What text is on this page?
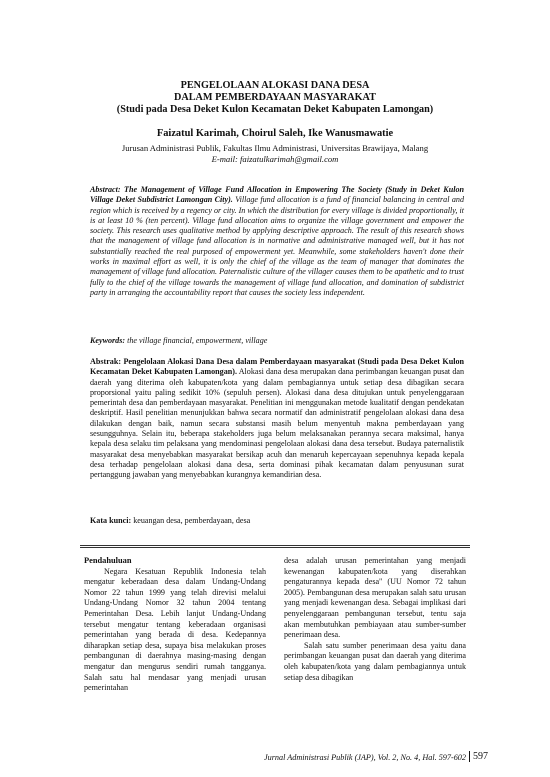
PENGELOLAAN ALOKASI DANA DESA
DALAM PEMBERDAYAAN MASYARAKAT
(Studi pada Desa Deket Kulon Kecamatan Deket Kabupaten Lamongan)
Faizatul Karimah, Choirul Saleh, Ike Wanusmawatie
Jurusan Administrasi Publik, Fakultas Ilmu Administrasi, Universitas Brawijaya, Malang
E-mail: faizatulkarimah@gmail.com
Abstract: The Management of Village Fund Allocation in Empowering The Society (Study in Deket Kulon Village Deket Subdistrict Lamongan City). Village fund allocation is a fund of financial balancing in central and region which is received by a regency or city. In which the distribution for every village is divided proportionally, it is at least 10 % (ten percent). Village fund allocation aims to organize the village government and empower the society. This research uses qualitative method by applying descriptive approach. The result of this research shows that the management of village fund allocation is in normative and administrative managed well, but it has not substantially reached the real purposed of empowerment yet. Meanwhile, some stakeholders haven't done their works in maximal effort as well, it is only the chief of the village as the team of manager that dominates the management of village fund allocation. Paternalistic culture of the villager causes them to be apathetic and to trust fully to the chief of the village towards the management of village fund allocation, and domination of subdistrict party in arranging the accountability report that causes the society less independent.
Keywords: the village financial, empowerment, village
Abstrak: Pengelolaan Alokasi Dana Desa dalam Pemberdayaan masyarakat (Studi pada Desa Deket Kulon Kecamatan Deket Kabupaten Lamongan). Alokasi dana desa merupakan dana perimbangan keuangan pusat dan daerah yang diterima oleh kabupaten/kota yang dalam pembagiannya untuk setiap desa dibagikan secara proporsional yaitu paling sedikit 10% (sepuluh persen). Alokasi dana desa ditujukan untuk penyelenggaraan pemerintah desa dan pemberdayaan masyarakat. Penelitian ini menggunakan metode kualitatif dengan pendekatan deskriptif. Hasil penelitian menunjukkan bahwa secara normatif dan administratif pengelolaan alokasi dana desa dilakukan dengan baik, namun secara substansi masih belum menyentuh makna pemberdayaan yang sesungguhnya. Selain itu, beberapa stakeholders juga belum melaksanakan perannya secara maksimal, hanya kepala desa selaku tim pelaksana yang mendominasi pengelolaan alokasi dana desa tersebut. Budaya paternalistik masyarakat desa menyebabkan masyarakat bersikap acuh dan menaruh kepercayaan sepenuhnya kepada kepala desa terhadap pengelolaan alokasi dana desa, serta dominasi pihak kecamatan dalam penyusunan surat pertanggung jawaban yang menyebabkan kurangnya kemandirian desa.
Kata kunci: keuangan desa, pemberdayaan, desa
Pendahuluan

Negara Kesatuan Republik Indonesia telah mengatur keberadaan desa dalam Undang-Undang Nomor 22 tahun 1999 yang telah direvisi melalui Undang-Undang Nomor 32 tahun 2004 tentang Pemerintahan Desa. Lebih lanjut Undang-Undang tersebut mengatur tentang keberadaan organisasi pemerintahan yang berada di desa. Kedepannya diharapkan setiap desa, supaya bisa melakukan proses pembangunan di daerahnya masing-masing dengan mengatur dan mengurus sendiri rumah tangganya. Salah satu hal mendasar yang menjadi urusan pemerintahan

desa adalah urusan pemerintahan yang menjadi kewenangan kabupaten/kota yang diserahkan pengaturannya kepada desa" (UU Nomor 72 tahun 2005). Pembangunan desa merupakan salah satu urusan yang menjadi kewenangan desa. Sebagai implikasi dari penyelenggaraan pembangunan tersebut, tentu saja akan membutuhkan pembiayaan atau sumber-sumber penerimaan desa.

Salah satu sumber penerimaan desa yaitu dana perimbangan keuangan pusat dan daerah yang diterima oleh kabupaten/kota yang dalam pembagiannya untuk setiap desa dibagikan

Jurnal Administrasi Publik (JAP), Vol. 2, No. 4, Hal. 597-602 597
